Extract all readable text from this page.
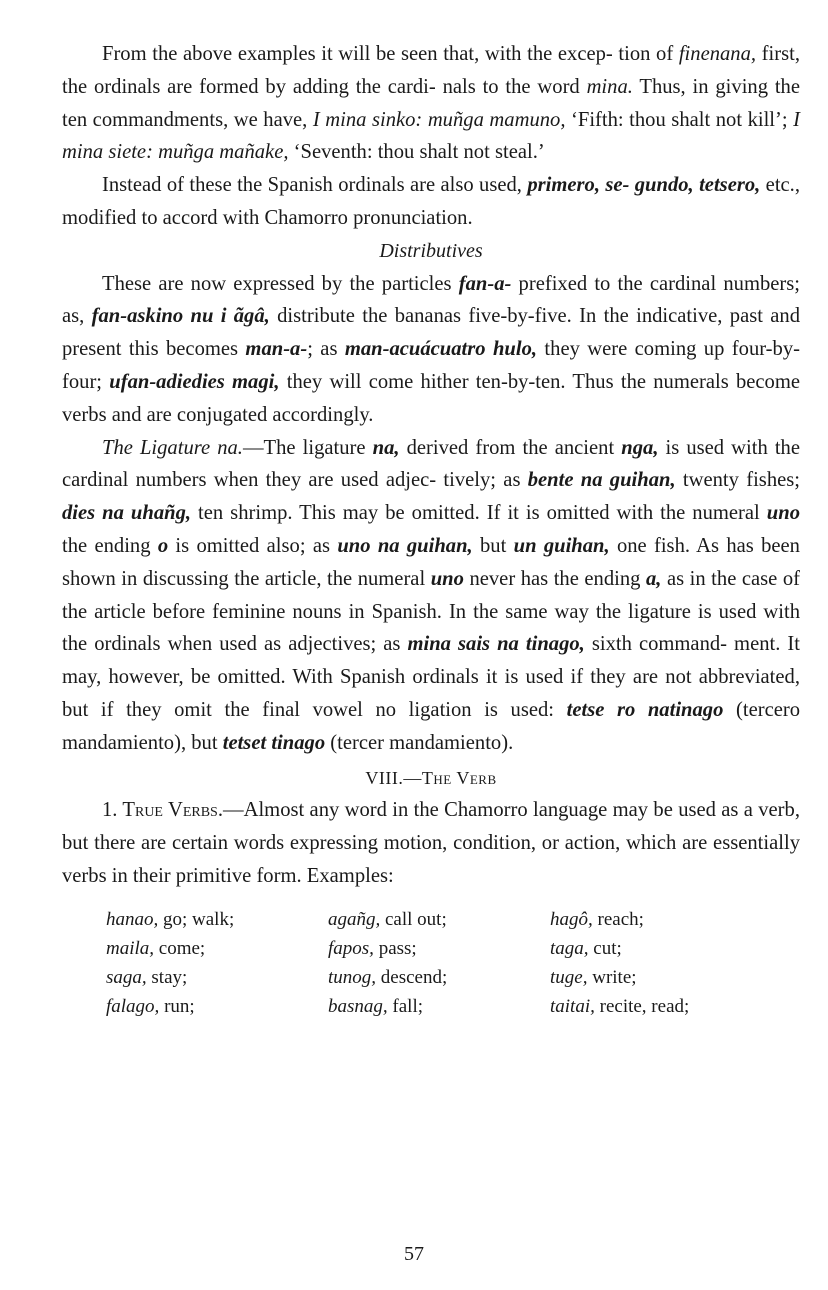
From the above examples it will be seen that, with the excep- tion of finenana, first, the ordinals are formed by adding the cardi- nals to the word mina. Thus, in giving the ten commandments, we have, I mina sinko: muñga mamuno, ‘Fifth: thou shalt not kill’; I mina siete: muñga mañake, ‘Seventh: thou shalt not steal.’

Instead of these the Spanish ordinals are also used, primero, se- gundo, tetsero, etc., modified to accord with Chamorro pronunciation.

Distributives

These are now expressed by the particles fan-a- prefixed to the cardinal numbers; as, fan-askino nu i ãgâ, distribute the bananas five-by-five. In the indicative, past and present this becomes man-a-; as man-acuácuatro hulo, they were coming up four-by- four; ufan-adiedies magi, they will come hither ten-by-ten. Thus the numerals become verbs and are conjugated accordingly.

The Ligature na.—The ligature na, derived from the ancient nga, is used with the cardinal numbers when they are used adjec- tively; as bente na guihan, twenty fishes; dies na uhañg, ten shrimp. This may be omitted. If it is omitted with the numeral uno the ending o is omitted also; as uno na guihan, but un guihan, one fish. As has been shown in discussing the article, the numeral uno never has the ending a, as in the case of the article before feminine nouns in Spanish. In the same way the ligature is used with the ordinals when used as adjectives; as mina sais na tinago, sixth command- ment. It may, however, be omitted. With Spanish ordinals it is used if they are not abbreviated, but if they omit the final vowel no ligation is used: tetse ro natinago (tercero mandamiento), but tetset tinago (tercer mandamiento).

VIII.—The Verb

1. True Verbs.—Almost any word in the Chamorro language may be used as a verb, but there are certain words expressing motion, condition, or action, which are essentially verbs in their primitive form. Examples:

hanao, go; walk;	agañg, call out;	hagô, reach;
maila, come;	fapos, pass;	taga, cut;
saga, stay;	tunog, descend;	tuge, write;
falago, run;	basnag, fall;	taitai, recite, read;
57
